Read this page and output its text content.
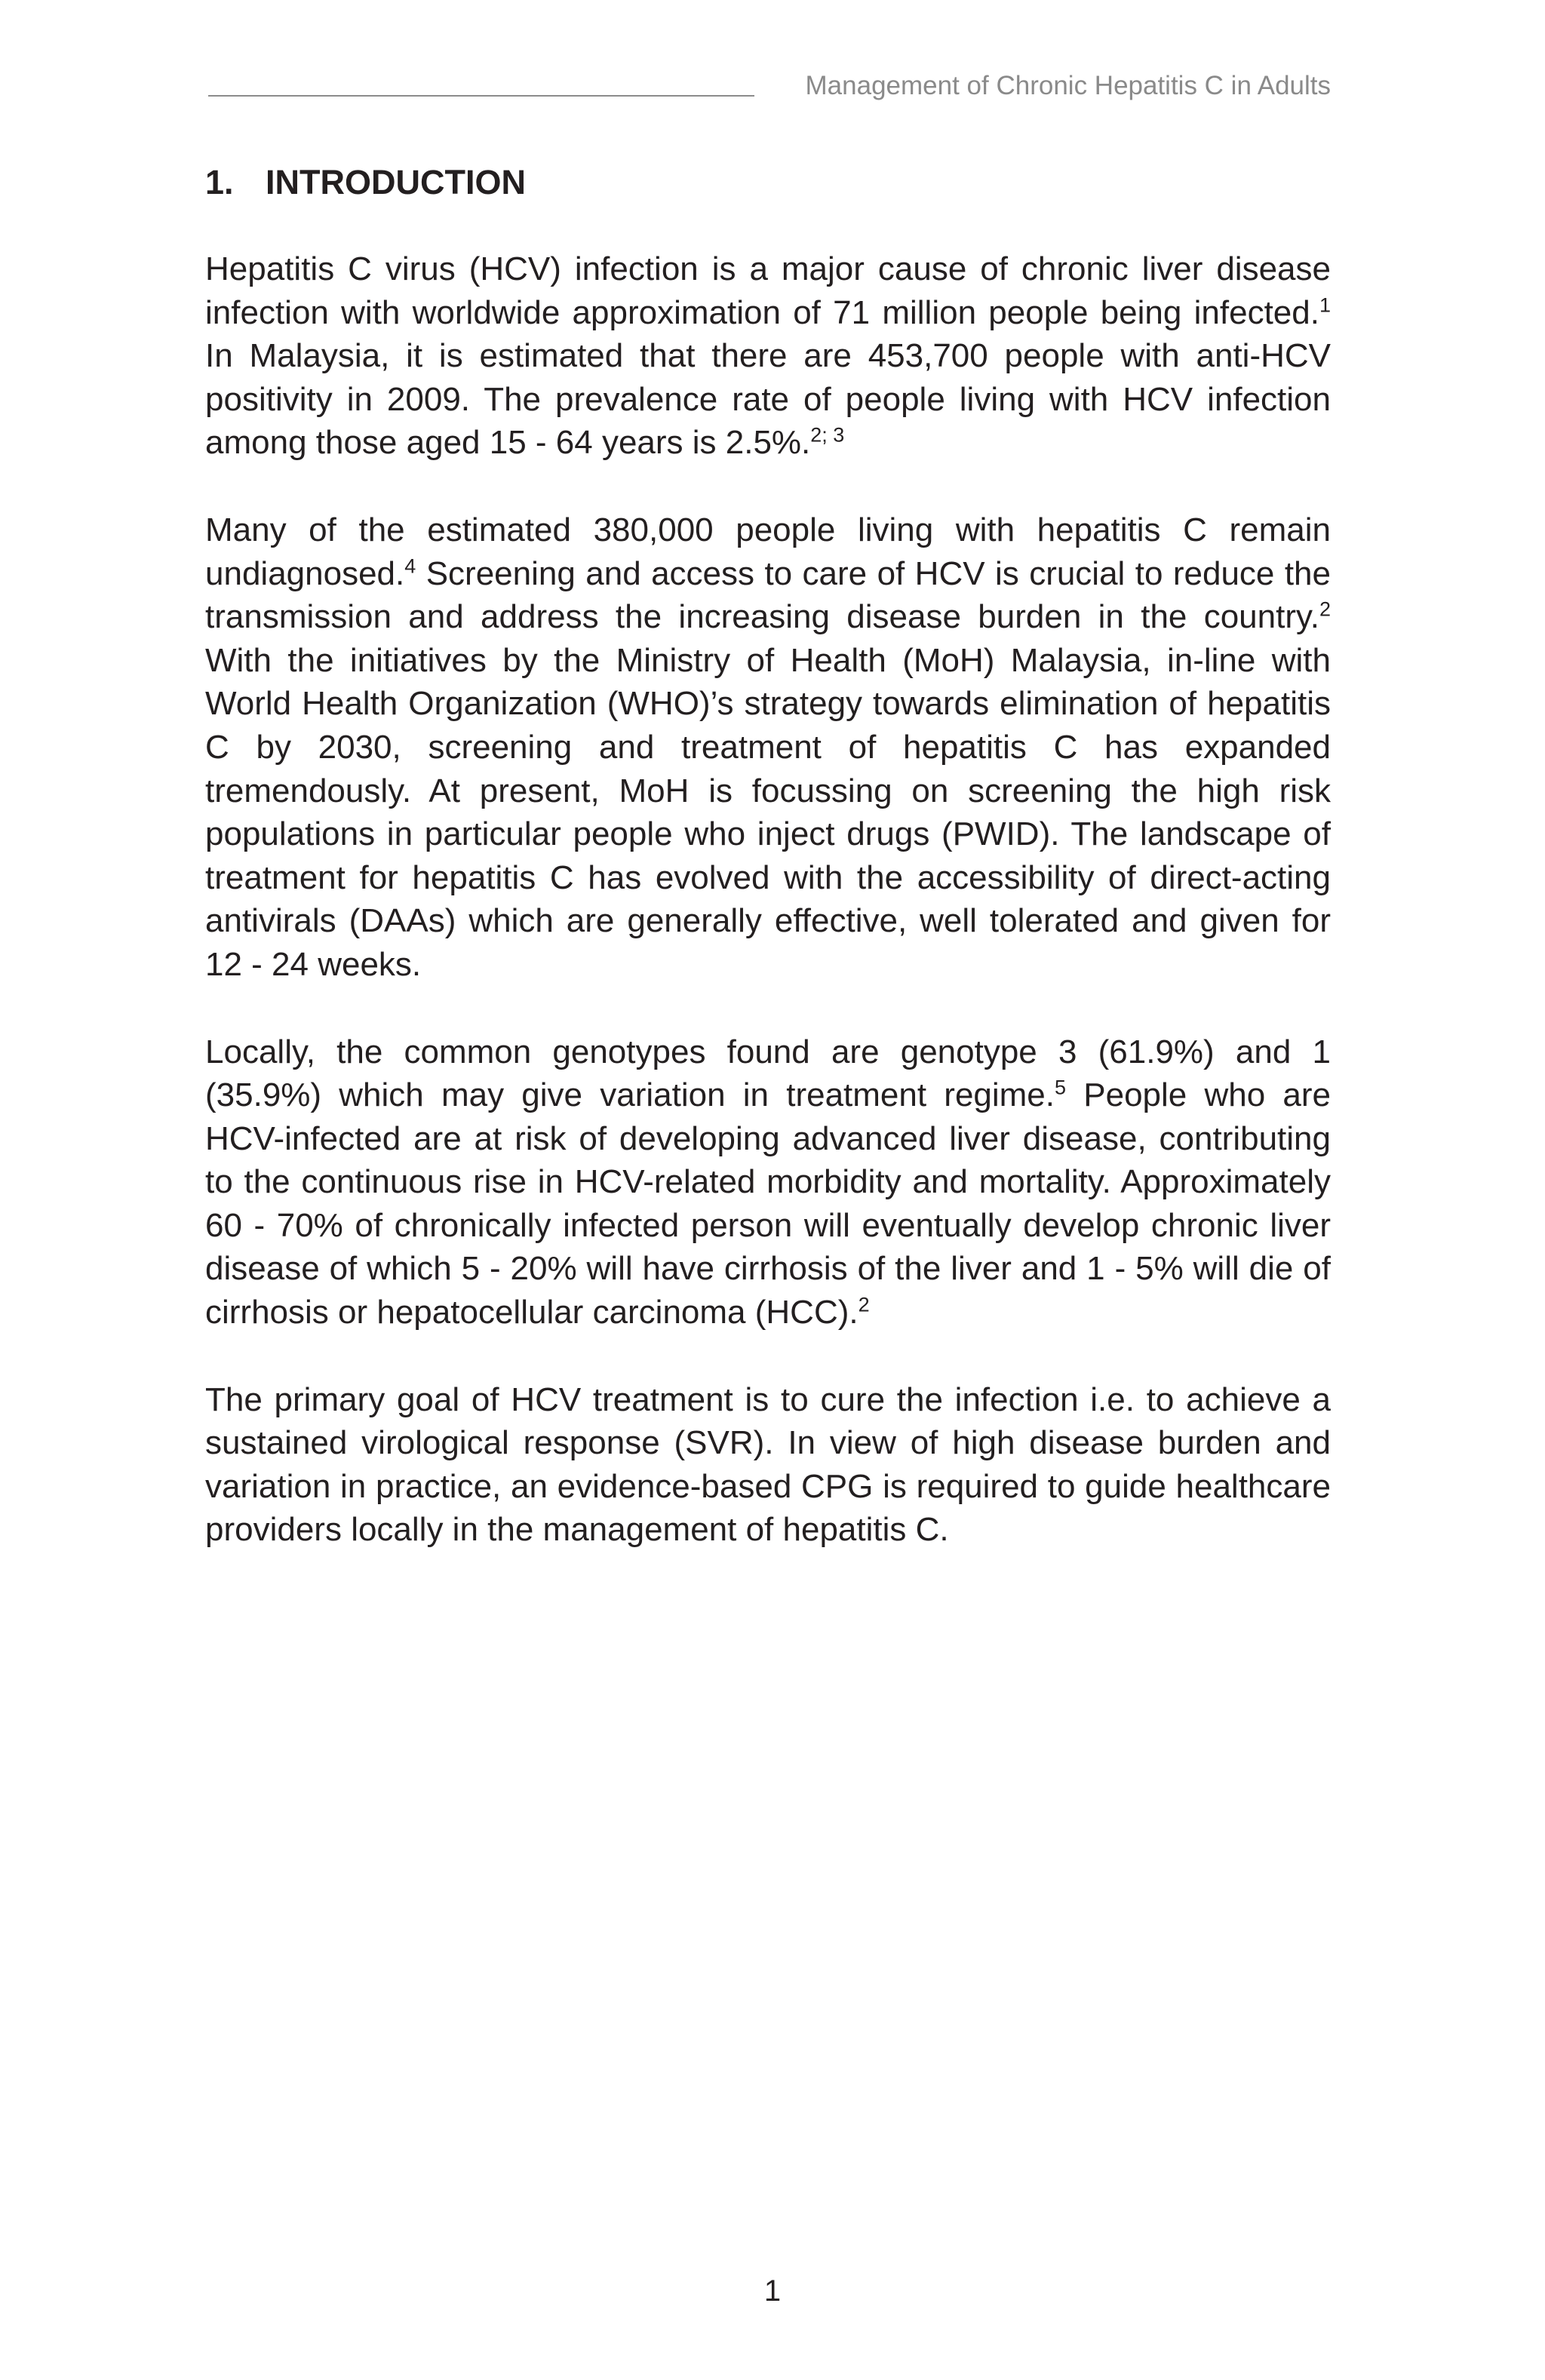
Management of Chronic Hepatitis C in Adults
1. INTRODUCTION

Hepatitis C virus (HCV) infection is a major cause of chronic liver disease infection with worldwide approximation of 71 million people being infected.$^1$ In Malaysia, it is estimated that there are 453,700 people with anti-HCV positivity in 2009. The prevalence rate of people living with HCV infection among those aged 15 - 64 years is 2.5%.$^{2; 3}$

Many of the estimated 380,000 people living with hepatitis C remain undiagnosed.$^4$ Screening and access to care of HCV is crucial to reduce the transmission and address the increasing disease burden in the country.$^2$ With the initiatives by the Ministry of Health (MoH) Malaysia, in-line with World Health Organization (WHO)’s strategy towards elimination of hepatitis C by 2030, screening and treatment of hepatitis C has expanded tremendously. At present, MoH is focussing on screening the high risk populations in particular people who inject drugs (PWID). The landscape of treatment for hepatitis C has evolved with the accessibility of direct-acting antivirals (DAAs) which are generally effective, well tolerated and given for 12 - 24 weeks.

Locally, the common genotypes found are genotype 3 (61.9%) and 1 (35.9%) which may give variation in treatment regime.$^5$ People who are HCV-infected are at risk of developing advanced liver disease, contributing to the continuous rise in HCV-related morbidity and mortality. Approximately 60 - 70% of chronically infected person will eventually develop chronic liver disease of which 5 - 20% will have cirrhosis of the liver and 1 - 5% will die of cirrhosis or hepatocellular carcinoma (HCC).$^2$

The primary goal of HCV treatment is to cure the infection i.e. to achieve a sustained virological response (SVR). In view of high disease burden and variation in practice, an evidence-based CPG is required to guide healthcare providers locally in the management of hepatitis C.

1
